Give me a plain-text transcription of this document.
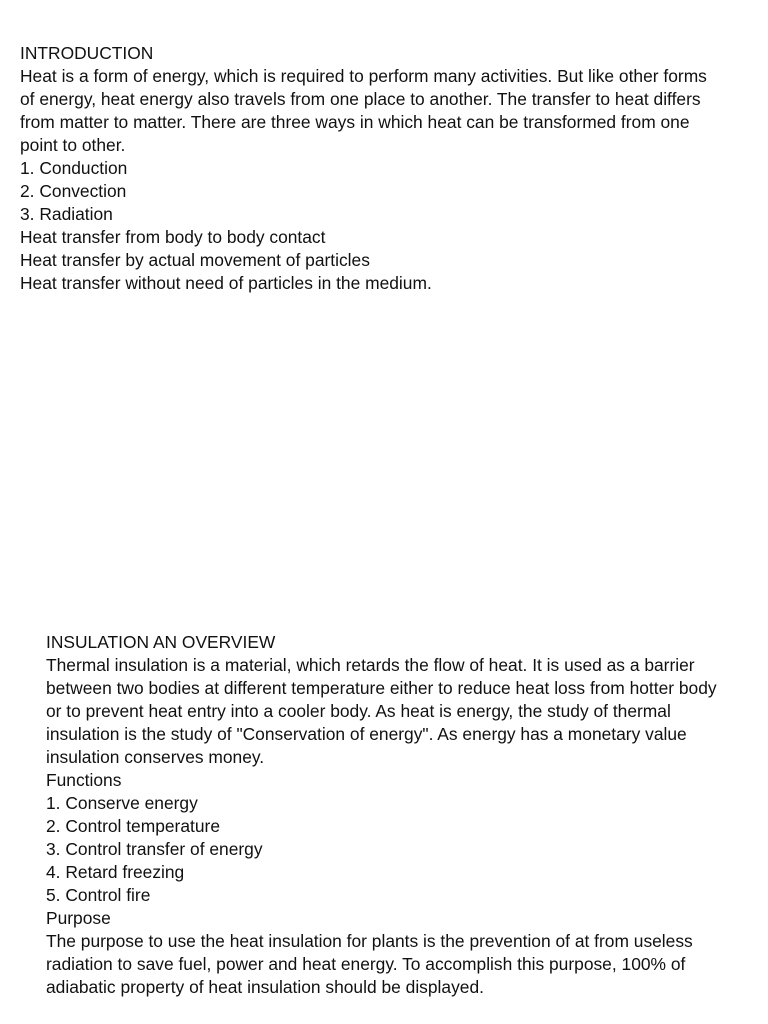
INTRODUCTION

Heat is a form of energy, which is required to perform many activities. But like other forms of energy, heat energy also travels from one place to another. The transfer to heat differs from matter to matter. There are three ways in which heat can be transformed from one point to other.

1. Conduction

2. Convection

3. Radiation

Heat transfer from body to body contact

Heat transfer by actual movement of particles

Heat transfer without need of particles in the medium.

INSULATION AN OVERVIEW

Thermal insulation is a material, which retards the flow of heat. It is used as a barrier between two bodies at different temperature either to reduce heat loss from hotter body or to prevent heat entry into a cooler body. As heat is energy, the study of thermal insulation is the study of "Conservation of energy". As energy has a monetary value insulation conserves money.

Functions

1. Conserve energy

2. Control temperature

3. Control transfer of energy

4. Retard freezing

5. Control fire

Purpose

The purpose to use the heat insulation for plants is the prevention of at from useless radiation to save fuel, power and heat energy. To accomplish this purpose, 100% of adiabatic property of heat insulation should be displayed.
